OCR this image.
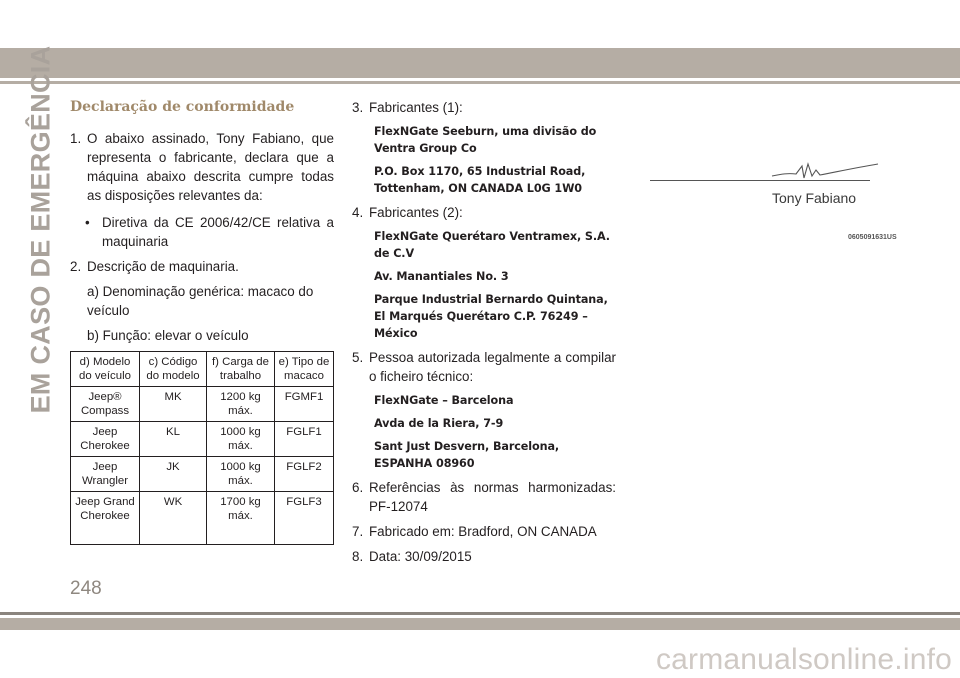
EM CASO DE EMERGÊNCIA Declaração de conformidade
1. O abaixo assinado, Tony Fabiano, que representa o fabricante, declara que a máquina abaixo descrita cumpre todas as disposições relevantes da:
• Diretiva da CE 2006/42/CE relativa a maquinaria
2. Descrição de maquinaria.
a) Denominação genérica: macaco do veículo
b) Função: elevar o veículo
d) Modelo do veículo	c) Código do modelo	f) Carga de trabalho	e) Tipo de macaco
Jeep® Compass	MK	1200 kg máx.	FGMF1
Jeep Cherokee	KL	1000 kg máx.	FGLF1
Jeep Wrangler	JK	1000 kg máx.	FGLF2
Jeep Grand Cherokee	WK	1700 kg máx.	FGLF3
3. Fabricantes (1):
FlexNGate Seeburn, uma divisão do Ventra Group Co
P.O. Box 1170, 65 Industrial Road, Tottenham, ON CANADA L0G 1W0
4. Fabricantes (2):
FlexNGate Querétaro Ventramex, S.A. de C.V
Av. Manantiales No. 3
Parque Industrial Bernardo Quintana, El Marqués Querétaro C.P. 76249 – México
5. Pessoa autorizada legalmente a compilar o ficheiro técnico:
FlexNGate – Barcelona
Avda de la Riera, 7-9
Sant Just Desvern, Barcelona, ESPANHA 08960
6. Referências às normas harmonizadas: PF-12074
7. Fabricado em: Bradford, ON CANADA
8. Data: 30/09/2015
Tony Fabiano
0605091631US
248
carmanualsonline.info
